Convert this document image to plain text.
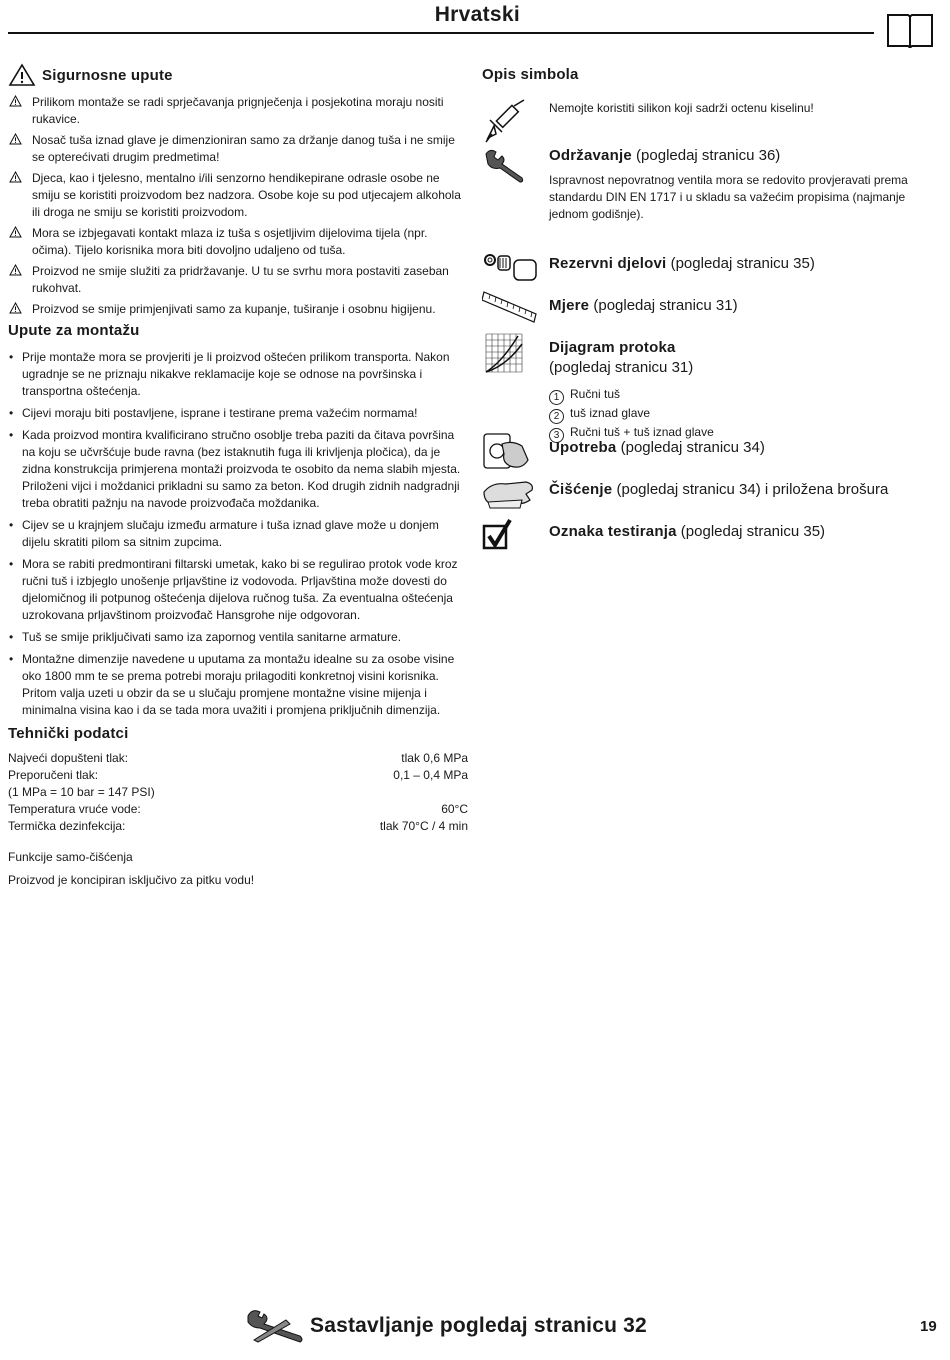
Hrvatski
Sigurnosne upute
Prilikom montaže se radi sprječavanja prignječenja i posjekotina moraju nositi rukavice.
Nosač tuša iznad glave je dimenzioniran samo za držanje danog tuša i ne smije se opterećivati drugim predmetima!
Djeca, kao i tjelesno, mentalno i/ili senzorno hendikepirane odrasle osobe ne smiju se koristiti proizvodom bez nadzora. Osobe koje su pod utjecajem alkohola ili droga ne smiju se koristiti proizvodom.
Mora se izbjegavati kontakt mlaza iz tuša s osjetljivim dijelovima tijela (npr. očima). Tijelo korisnika mora biti dovoljno udaljeno od tuša.
Proizvod ne smije služiti za pridržavanje. U tu se svrhu mora postaviti zaseban rukohvat.
Proizvod se smije primjenjivati samo za kupanje, tuširanje i osobnu higijenu.
Upute za montažu
• Prije montaže mora se provjeriti je li proizvod oštećen prilikom transporta. Nakon ugradnje se ne priznaju nikakve reklamacije koje se odnose na površinska i transportna oštećenja.
• Cijevi moraju biti postavljene, isprane i testirane prema važećim normama!
• Kada proizvod montira kvalificirano stručno osoblje treba paziti da čitava površina na koju se učvršćuje bude ravna (bez istaknutih fuga ili krivljenja pločica), da je zidna konstrukcija primjerena montaži proizvoda te osobito da nema slabih mjesta. Priloženi vijci i moždanici prikladni su samo za beton. Kod drugih zidnih nadgradnji treba obratiti pažnju na navode proizvođača moždanika.
• Cijev se u krajnjem slučaju između armature i tuša iznad glave može u donjem dijelu skratiti pilom sa sitnim zupcima.
• Mora se rabiti predmontirani filtarski umetak, kako bi se regulirao protok vode kroz ručni tuš i izbjeglo unošenje prljavštine iz vodovoda. Prljavština može dovesti do djelomičnog ili potpunog oštećenja dijelova ručnog tuša. Za eventualna oštećenja uzrokovana prljavštinom proizvođač Hansgrohe nije odgovoran.
• Tuš se smije priključivati samo iza zapornog ventila sanitarne armature.
• Montažne dimenzije navedene u uputama za montažu idealne su za osobe visine oko 1800 mm te se prema potrebi moraju prilagoditi konkretnoj visini korisnika. Pritom valja uzeti u obzir da se u slučaju promjene montažne visine mijenja i minimalna visina kao i da se tada mora uvažiti i promjena priključnih dimenzija.
Tehnički podatci
Najveći dopušteni tlak:	tlak 0,6 MPa
Preporučeni tlak:	0,1 – 0,4 MPa
(1 MPa = 10 bar = 147 PSI)
Temperatura vruće vode:	60°C
Termička dezinfekcija:	tlak 70°C / 4 min
Funkcije samo-čišćenja
Proizvod je koncipiran isključivo za pitku vodu!
Opis simbola
Nemojte koristiti silikon koji sadrži octenu kiselinu!
Održavanje (pogledaj stranicu 36)
Ispravnost nepovratnog ventila mora se redovito provjeravati prema standardu DIN EN 1717 i u skladu sa važećim propisima (najmanje jednom godišnje).
Rezervni djelovi (pogledaj stranicu 35)
Mjere (pogledaj stranicu 31)
Dijagram protoka
(pogledaj stranicu 31)
1 Ručni tuš
2 tuš iznad glave
3 Ručni tuš + tuš iznad glave
Upotreba (pogledaj stranicu 34)
Čišćenje (pogledaj stranicu 34) i priložena brošura
Oznaka testiranja (pogledaj stranicu 35)
Sastavljanje pogledaj stranicu 32	19
